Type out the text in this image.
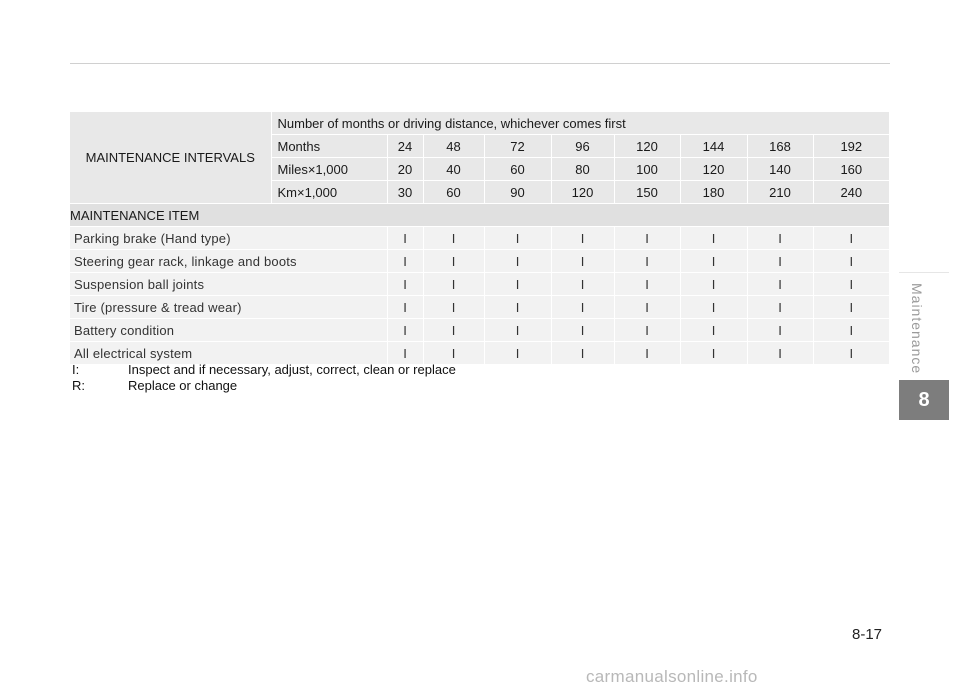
MAINTENANCE INTERVALS	Number of months or driving distance, whichever comes first								
	Months	24	48	72	96	120	144	168	192
	Miles×1,000	20	40	60	80	100	120	140	160
	Km×1,000	30	60	90	120	150	180	210	240
MAINTENANCE ITEM									
Parking brake (Hand type)		I	I	I	I	I	I	I	I
Steering gear rack, linkage and boots		I	I	I	I	I	I	I	I
Suspension ball joints		I	I	I	I	I	I	I	I
Tire (pressure & tread wear)		I	I	I	I	I	I	I	I
Battery condition		I	I	I	I	I	I	I	I
All electrical system		I	I	I	I	I	I	I	I
I:	Inspect and if necessary, adjust, correct, clean or replace
R:	Replace or change
Maintenance
8
8-17
carmanualsonline.info
